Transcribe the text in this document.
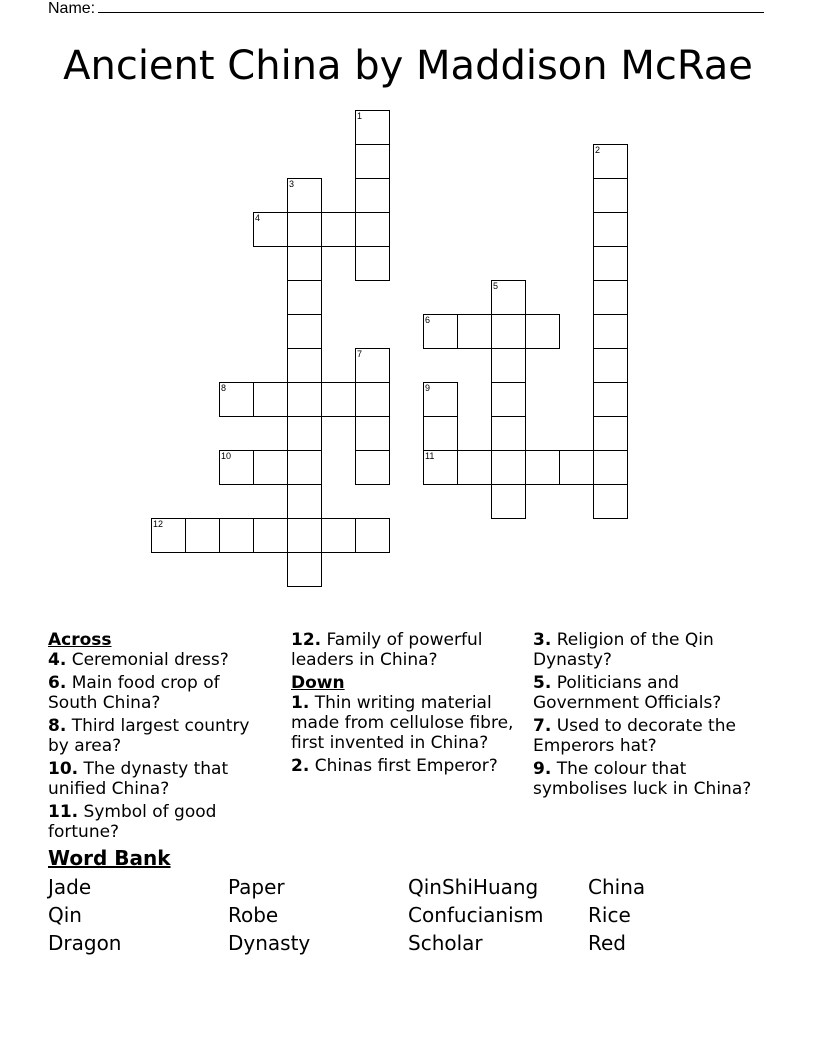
Name:
Ancient China by Maddison McRae
1
2
3
4
5
6
7
8	9
11
10
12
Across
4. Ceremonial dress?
6. Main food crop of South China?
8. Third largest country by area?
10. The dynasty that unified China?
11. Symbol of good fortune?
12. Family of powerful leaders in China?
Down
1. Thin writing material made from cellulose fibre, first invented in China?
2. Chinas first Emperor?
3. Religion of the Qin Dynasty?
5. Politicians and Government Officials?
7. Used to decorate the Emperors hat?
9. The colour that symbolises luck in China?
Word Bank
Jade	Paper	QinShiHuang China
Qin	Robe	Confucianism Rice
Dragon	Dynasty	Scholar	Red
